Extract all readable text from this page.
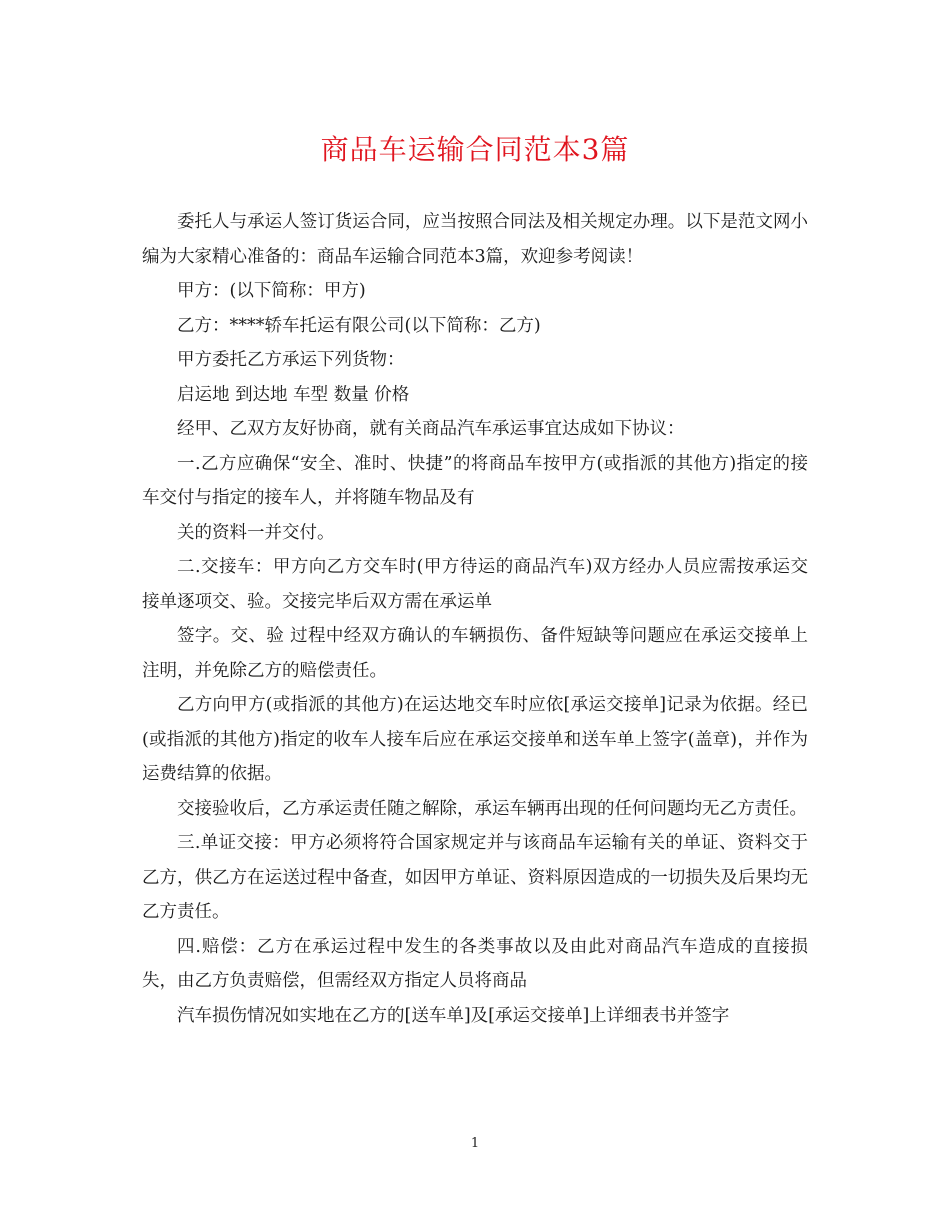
商品车运输合同范本3篇

委托人与承运人签订货运合同，应当按照合同法及相关规定办理。以下是范文网小编为大家精心准备的：商品车运输合同范本3篇，欢迎参考阅读！

甲方：(以下简称：甲方)

乙方：****轿车托运有限公司(以下简称：乙方)

甲方委托乙方承运下列货物：

启运地 到达地 车型 数量 价格

经甲、乙双方友好协商，就有关商品汽车承运事宜达成如下协议：

一.乙方应确保“安全、准时、快捷”的将商品车按甲方(或指派的其他方)指定的接车交付与指定的接车人，并将随车物品及有

关的资料一并交付。

二.交接车：甲方向乙方交车时(甲方待运的商品汽车)双方经办人员应需按承运交接单逐项交、验。交接完毕后双方需在承运单

签字。交、验 过程中经双方确认的车辆损伤、备件短缺等问题应在承运交接单上注明，并免除乙方的赔偿责任。

乙方向甲方(或指派的其他方)在运达地交车时应依[承运交接单]记录为依据。经已(或指派的其他方)指定的收车人接车后应在承运交接单和送车单上签字(盖章)，并作为运费结算的依据。

交接验收后，乙方承运责任随之解除，承运车辆再出现的任何问题均无乙方责任。

三.单证交接：甲方必须将符合国家规定并与该商品车运输有关的单证、资料交于乙方，供乙方在运送过程中备查，如因甲方单证、资料原因造成的一切损失及后果均无乙方责任。

四.赔偿：乙方在承运过程中发生的各类事故以及由此对商品汽车造成的直接损失，由乙方负责赔偿，但需经双方指定人员将商品

汽车损伤情况如实地在乙方的[送车单]及[承运交接单]上详细表书并签字

1
